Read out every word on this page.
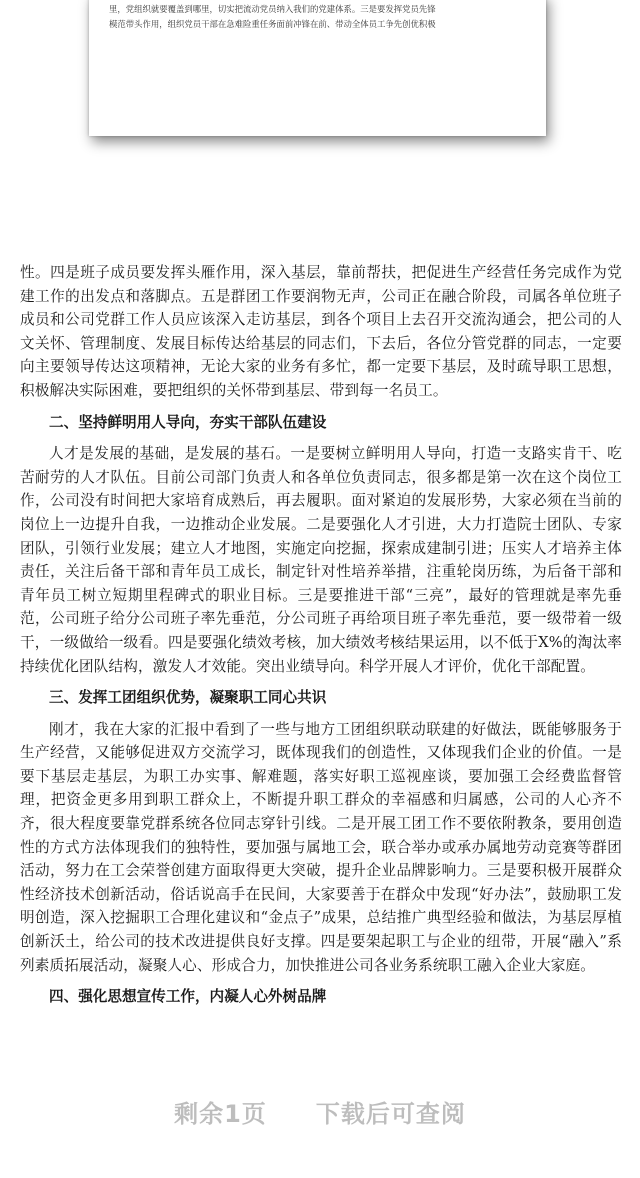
里，党组织就要覆盖到哪里，切实把流动党员纳入我们的党建体系。三是要发挥党员先锋
模范带头作用，组织党员干部在急难险重任务面前冲锋在前、带动全体员工争先创优积极

性。四是班子成员要发挥头雁作用，深入基层，靠前帮扶，把促进生产经营任务完成作为党建工作的出发点和落脚点。五是群团工作要润物无声，公司正在融合阶段，司属各单位班子成员和公司党群工作人员应该深入走访基层，到各个项目上去召开交流沟通会，把公司的人文关怀、管理制度、发展目标传达给基层的同志们，下去后，各位分管党群的同志，一定要向主要领导传达这项精神，无论大家的业务有多忙，都一定要下基层，及时疏导职工思想，积极解决实际困难，要把组织的关怀带到基层、带到每一名员工。

二、坚持鲜明用人导向，夯实干部队伍建设

人才是发展的基础，是发展的基石。一是要树立鲜明用人导向，打造一支路实肯干、吃苦耐劳的人才队伍。目前公司部门负责人和各单位负责同志，很多都是第一次在这个岗位工作，公司没有时间把大家培育成熟后，再去履职。面对紧迫的发展形势，大家必须在当前的岗位上一边提升自我，一边推动企业发展。二是要强化人才引进，大力打造院士团队、专家团队，引领行业发展；建立人才地图，实施定向挖掘，探索成建制引进；压实人才培养主体责任，关注后备干部和青年员工成长，制定针对性培养举措，注重轮岗历练，为后备干部和青年员工树立短期里程碑式的职业目标。三是要推进干部“三亮”，最好的管理就是率先垂范，公司班子给分公司班子率先垂范，分公司班子再给项目班子率先垂范，要一级带着一级干，一级做给一级看。四是要强化绩效考核，加大绩效考核结果运用，以不低于X%的淘汰率持续优化团队结构，激发人才效能。突出业绩导向。科学开展人才评价，优化干部配置。

三、发挥工团组织优势，凝聚职工同心共识

刚才，我在大家的汇报中看到了一些与地方工团组织联动联建的好做法，既能够服务于生产经营，又能够促进双方交流学习，既体现我们的创造性，又体现我们企业的价值。一是要下基层走基层，为职工办实事、解难题，落实好职工巡视座谈，要加强工会经费监督管理，把资金更多用到职工群众上，不断提升职工群众的幸福感和归属感，公司的人心齐不齐，很大程度要靠党群系统各位同志穿针引线。二是开展工团工作不要依附教条，要用创造性的方式方法体现我们的独特性，要加强与属地工会，联合举办或承办属地劳动竞赛等群团活动，努力在工会荣誉创建方面取得更大突破，提升企业品牌影响力。三是要积极开展群众性经济技术创新活动，俗话说高手在民间，大家要善于在群众中发现“好办法”，鼓励职工发明创造，深入挖掘职工合理化建议和“金点子”成果，总结推广典型经验和做法，为基层厚植创新沃土，给公司的技术改进提供良好支撑。四是要架起职工与企业的纽带，开展“融入”系列素质拓展活动，凝聚人心、形成合力，加快推进公司各业务系统职工融入企业大家庭。

四、强化思想宣传工作，内凝人心外树品牌
剩余1页 下载后可查阅
